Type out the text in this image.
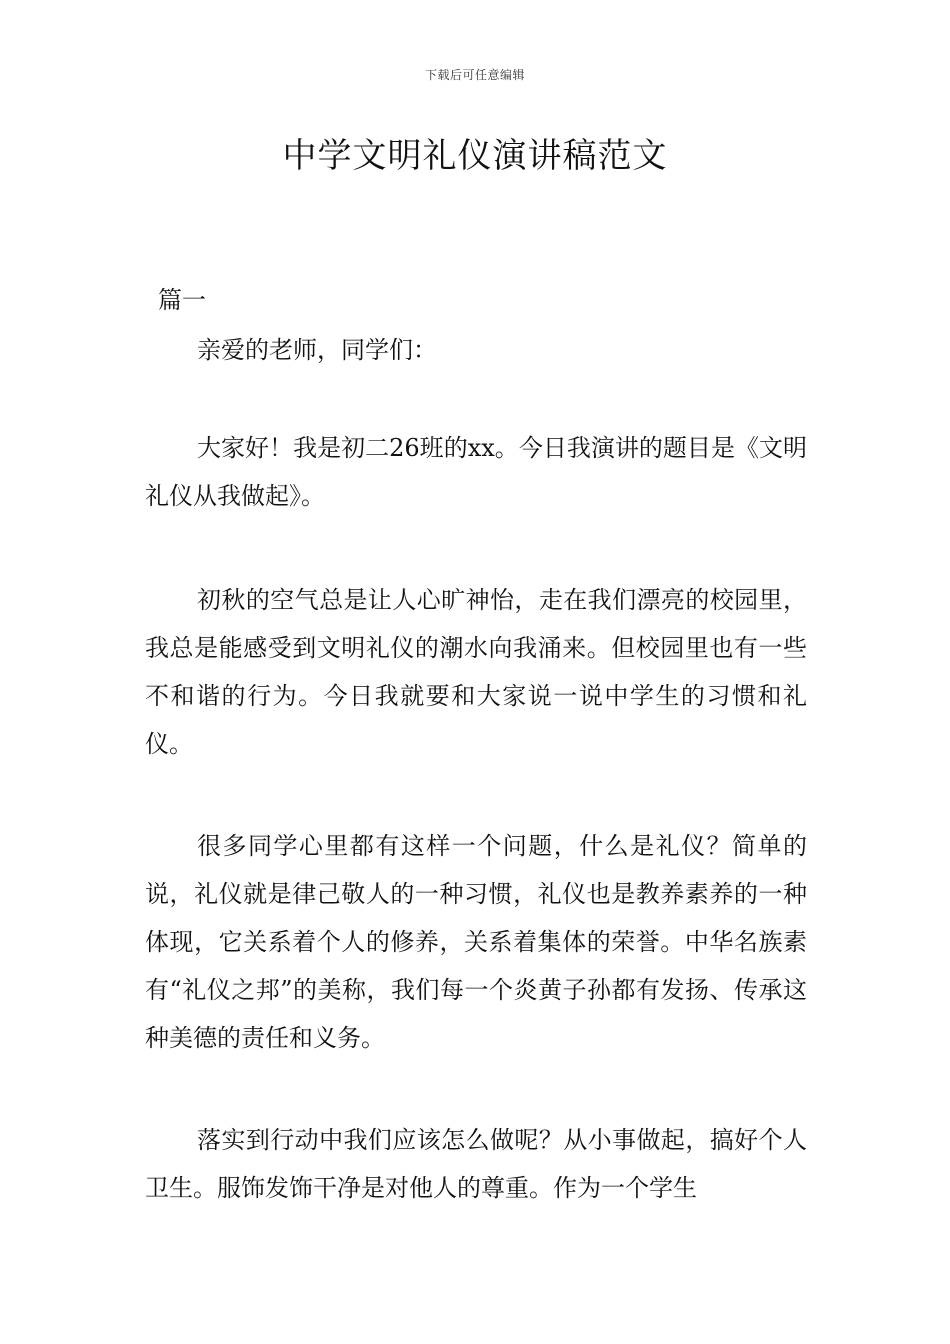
下载后可任意编辑
中学文明礼仪演讲稿范文

篇一

亲爱的老师，同学们：

大家好！我是初二26班的xx。今日我演讲的题目是《文明礼仪从我做起》。

初秋的空气总是让人心旷神怡，走在我们漂亮的校园里，我总是能感受到文明礼仪的潮水向我涌来。但校园里也有一些不和谐的行为。今日我就要和大家说一说中学生的习惯和礼仪。

很多同学心里都有这样一个问题，什么是礼仪？简单的说，礼仪就是律己敬人的一种习惯，礼仪也是教养素养的一种体现，它关系着个人的修养，关系着集体的荣誉。中华名族素有“礼仪之邦”的美称，我们每一个炎黄子孙都有发扬、传承这种美德的责任和义务。

落实到行动中我们应该怎么做呢？从小事做起，搞好个人卫生。服饰发饰干净是对他人的尊重。作为一个学生
